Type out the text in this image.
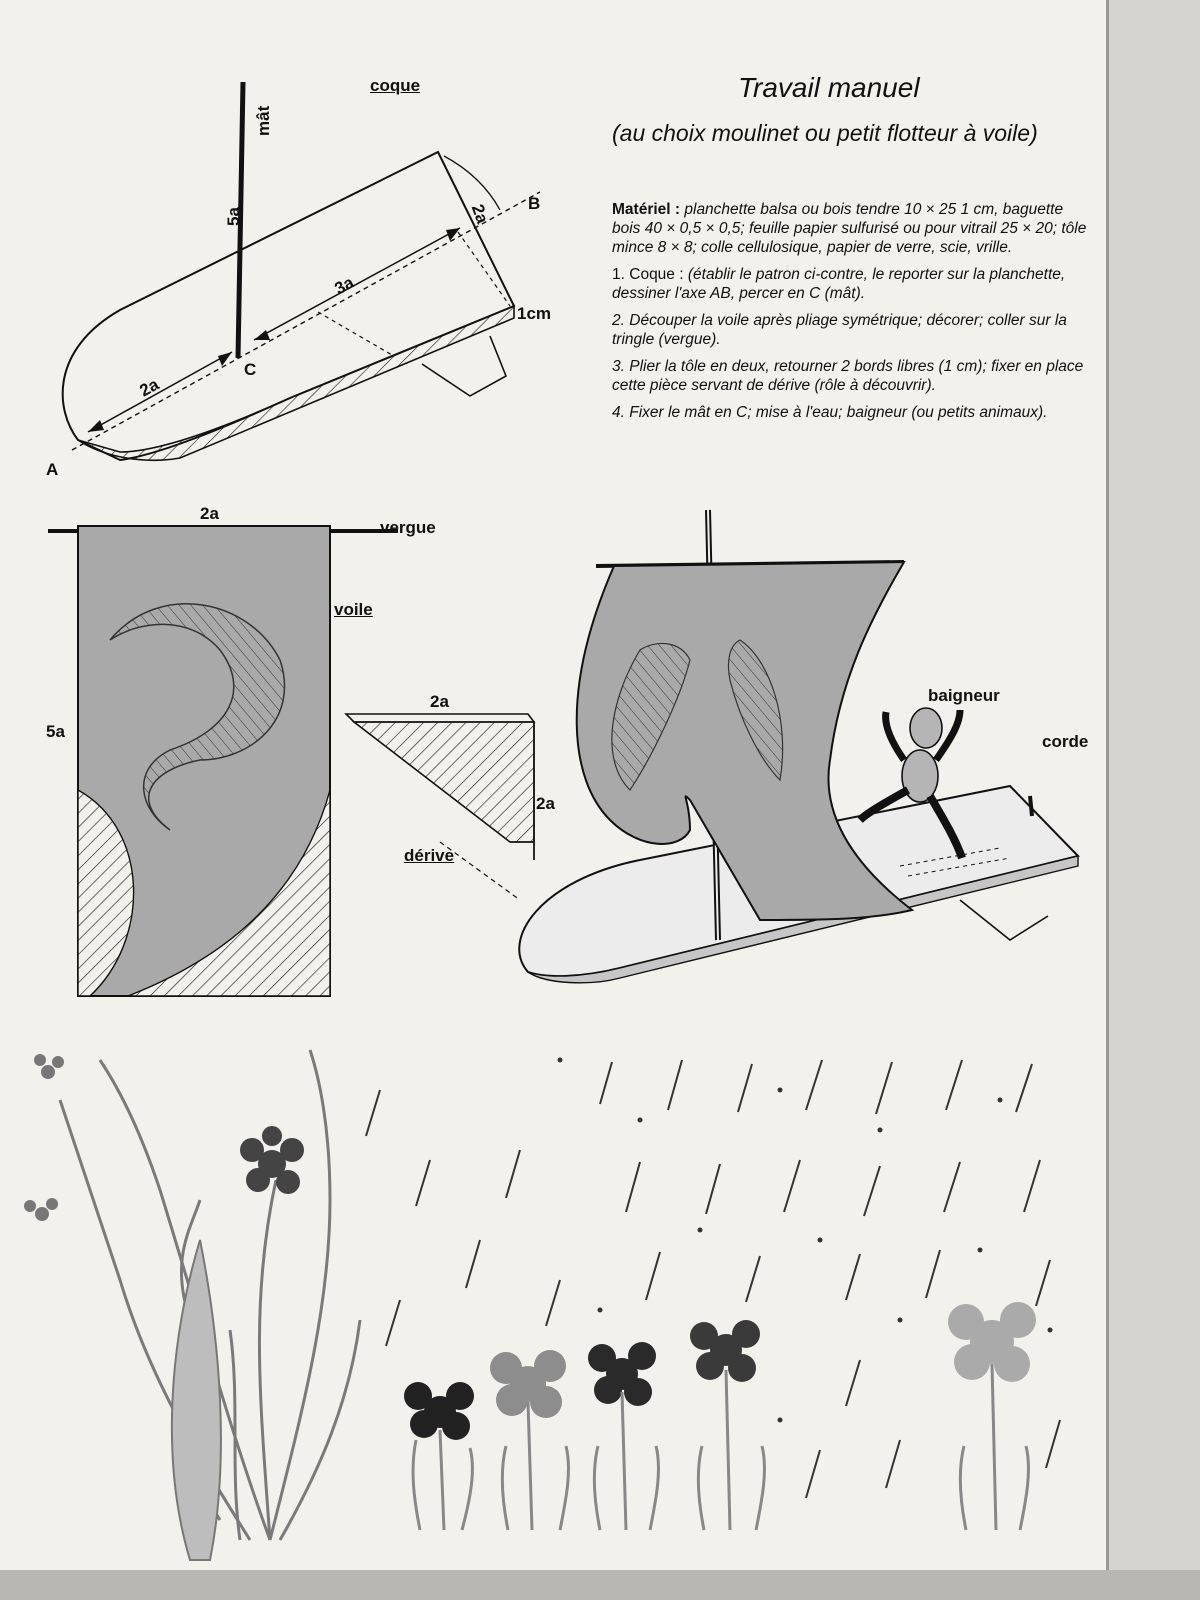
coque
mât
5a	2a B
3a
1cm
C
2a
A
Travail manuel
(au choix moulinet ou petit flotteur à voile)

Matériel : planchette balsa ou bois tendre 10 × 25 1 cm, baguette bois 40 × 0,5 × 0,5; feuille papier sulfurisé ou pour vitrail 25 × 20; tôle mince 8 × 8; colle cellulosique, papier de verre, scie, vrille.

1. Coque : (établir le patron ci-contre, le reporter sur la planchette, dessiner l'axe AB, percer en C (mât).

2. Découper la voile après pliage symétrique; décorer; coller sur la tringle (vergue).

3. Plier la tôle en deux, retourner 2 bords libres (1 cm); fixer en place cette pièce servant de dérive (rôle à découvrir).

4. Fixer le mât en C; mise à l'eau; baigneur (ou petits animaux).

2a
vergue
voile
5a
2a
2a
dérive
baigneur
corde
